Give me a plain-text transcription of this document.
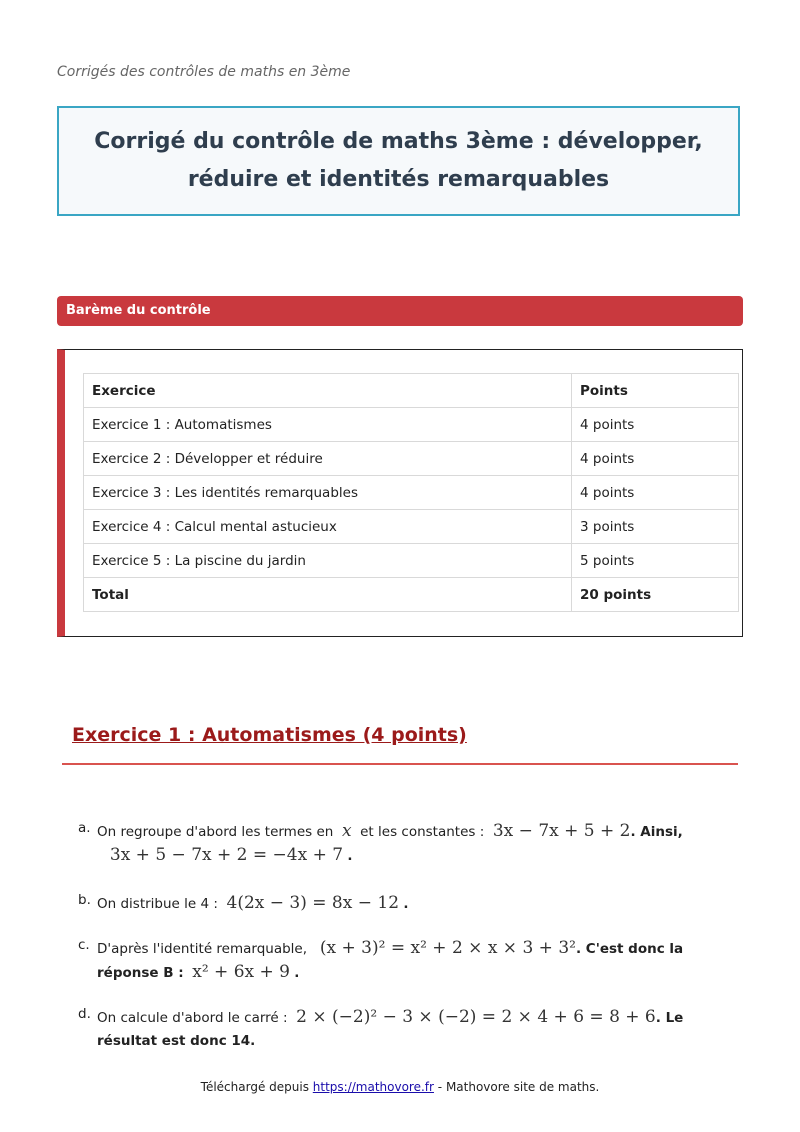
Corrigés des contrôles de maths en 3ème
Corrigé du contrôle de maths 3ème : développer, réduire et identités remarquables
Barème du contrôle
Exercice	Points
Exercice 1 : Automatismes	4 points
Exercice 2 : Développer et réduire	4 points
Exercice 3 : Les identités remarquables	4 points
Exercice 4 : Calcul mental astucieux	3 points
Exercice 5 : La piscine du jardin	5 points
Total	20 points
Exercice 1 : Automatismes (4 points)
a. On regroupe d'abord les termes en x et les constantes : 3x − 7x + 5 + 2. Ainsi,
3x + 5 − 7x + 2 = −4x + 7 .
b. On distribue le 4 : 4(2x − 3) = 8x − 12 .
c. D'après l'identité remarquable, (x + 3)² = x² + 2 × x × 3 + 3². C'est donc la réponse B : x² + 6x + 9 .
d. On calcule d'abord le carré : 2 × (−2)² − 3 × (−2) = 2 × 4 + 6 = 8 + 6. Le résultat est donc 14.
Téléchargé depuis https://mathovore.fr - Mathovore site de maths.
